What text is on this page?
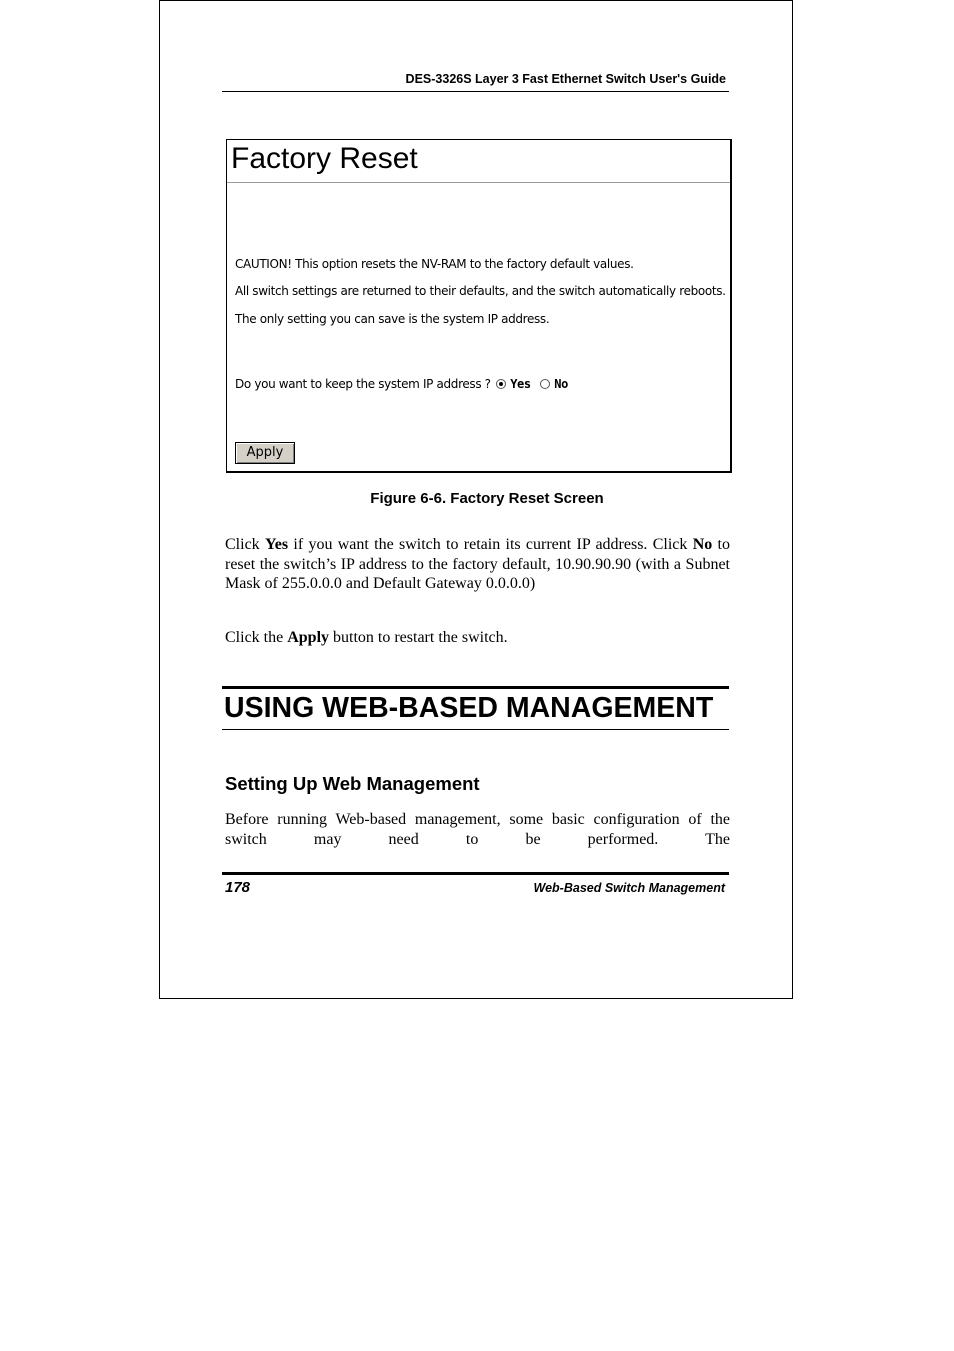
DES-3326S Layer 3 Fast Ethernet Switch User's Guide
Factory Reset
CAUTION! This option resets the NV-RAM to the factory default values.
All switch settings are returned to their defaults, and the switch automatically reboots.
The only setting you can save is the system IP address.
Do you want to keep the system IP address ? Yes No
Apply
Figure 6-6. Factory Reset Screen
Click Yes if you want the switch to retain its current IP address. Click No to reset the switch’s IP address to the factory default, 10.90.90.90 (with a Subnet Mask of 255.0.0.0 and Default Gateway 0.0.0.0)
Click the Apply button to restart the switch.
USING WEB-BASED MANAGEMENT
Setting Up Web Management
Before running Web-based management, some basic configuration of the switch may need to be performed. The
178	Web-Based Switch Management
